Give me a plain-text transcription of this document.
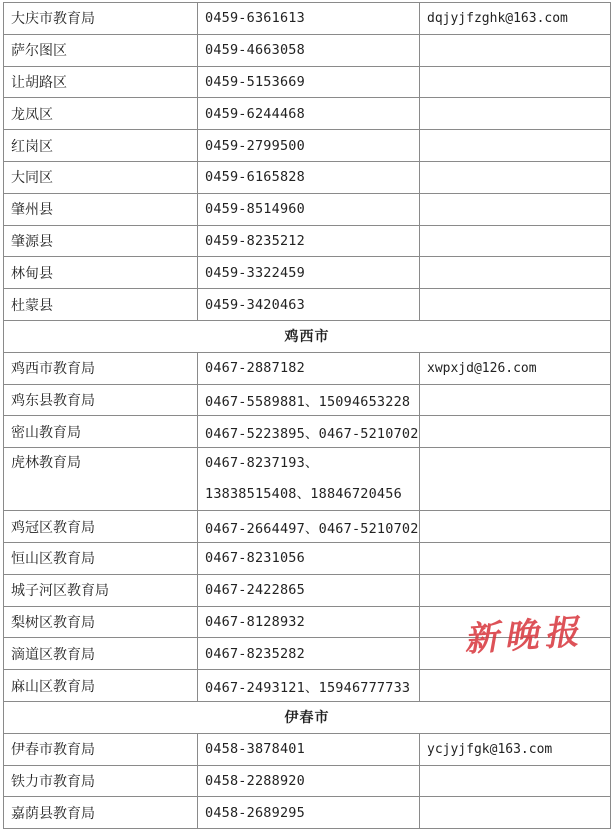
大庆市教育局	0459-6361613	dqjyjfzghk@163.com
萨尔图区	0459-4663058	
让胡路区	0459-5153669	
龙凤区	0459-6244468	
红岗区	0459-2799500	
大同区	0459-6165828	
肇州县	0459-8514960	
肇源县	0459-8235212	
林甸县	0459-3322459	
杜蒙县	0459-3420463	
鸡西市		
鸡西市教育局	0467-2887182	xwpxjd@126.com
鸡东县教育局	0467-5589881、15094653228	
密山教育局	0467-5223895、0467-5210702	
虎林教育局	0467-8237193、13838515408、18846720456	
鸡冠区教育局	0467-2664497、0467-5210702	
恒山区教育局	0467-8231056	
城子河区教育局	0467-2422865	
梨树区教育局	0467-8128932	
滴道区教育局	0467-8235282	
麻山区教育局	0467-2493121、15946777733	
伊春市		
伊春市教育局	0458-3878401	ycjyjfgk@163.com
铁力市教育局	0458-2288920	
嘉荫县教育局	0458-2689295	
新晚报
